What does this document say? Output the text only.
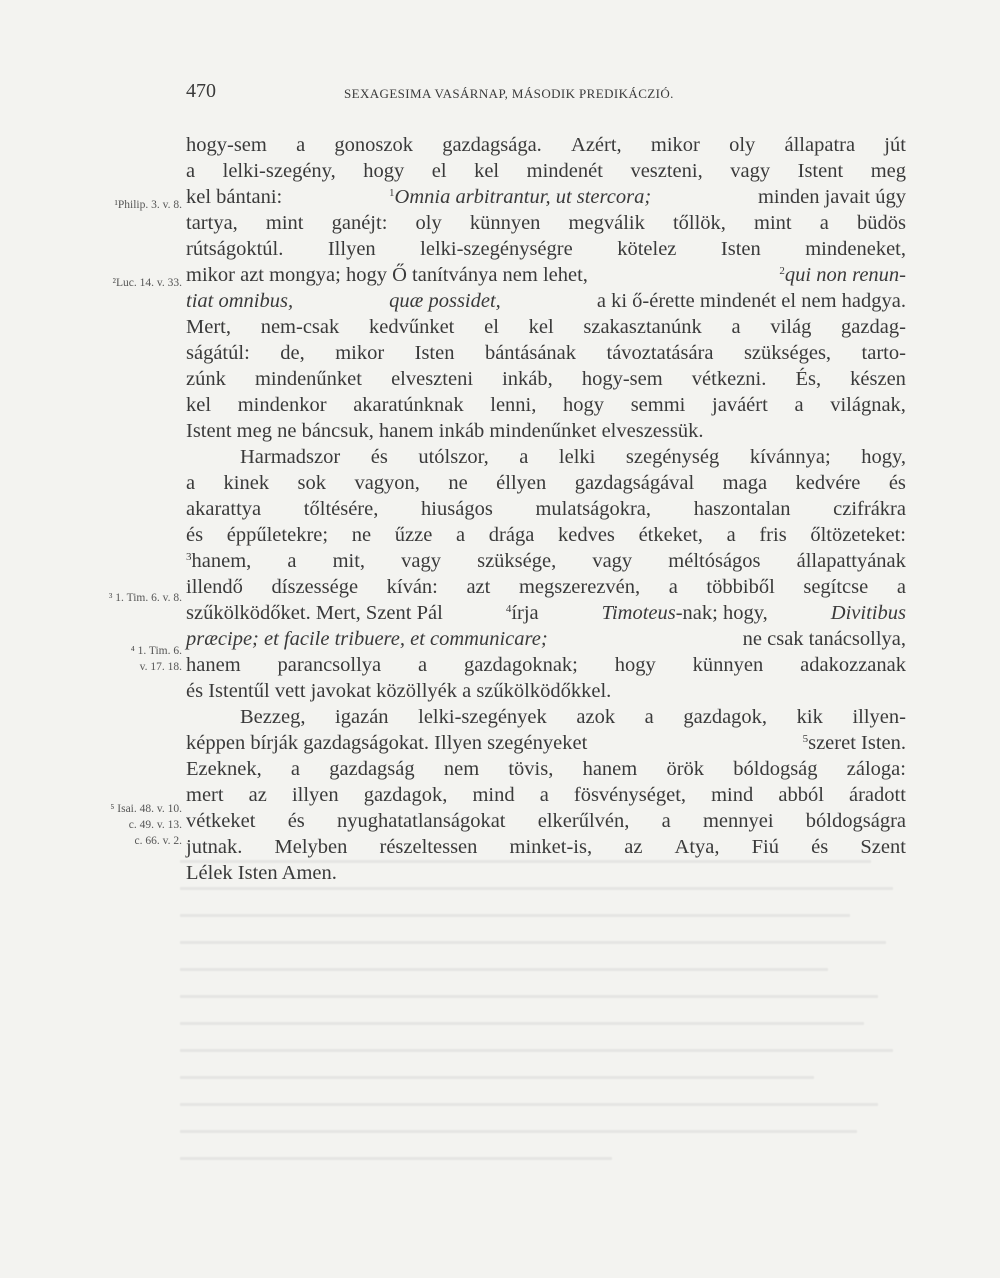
470	SEXAGESIMA VASÁRNAP, MÁSODIK PREDIKÁCZIÓ.
¹Philip. 3. v. 8.
²Luc. 14. v. 33.
³ 1. Tim. 6. v. 8.
⁴ 1. Tim. 6.
v. 17. 18.
⁵ Isai. 48. v. 10.
c. 49. v. 13.
c. 66. v. 2.
hogy-sem a gonoszok gazdagsága. Azért, mikor oly állapatra jút
a lelki-szegény, hogy el kel mindenét veszteni, vagy Istent meg
kel bántani:	$^1$Omnia arbitrantur, ut stercora;	minden javait úgy
tartya, mint ganéjt: oly künnyen megválik tőllök, mint a büdös
rútságoktúl. Illyen lelki-szegénységre kötelez Isten mindeneket,
mikor azt mongya; hogy Ő tanítványa nem lehet,	$^2$qui non renun-
tiat omnibus,	quæ possidet,	a ki ő-érette mindenét el nem hadgya.
Mert, nem-csak kedvűnket el kel szakasztanúnk a világ gazdag-
ságátúl: de, mikor Isten bántásának távoztatására szükséges, tarto-
zúnk mindenűnket elveszteni inkáb, hogy-sem vétkezni. És, készen
kel mindenkor akaratúnknak lenni, hogy semmi javáért a világnak,
Istent meg ne báncsuk, hanem inkáb mindenűnket elveszessük.
Harmadszor és utólszor, a lelki szegénység kívánnya; hogy,
a kinek sok vagyon, ne éllyen gazdagságával maga kedvére és
akarattya tőltésére, hiuságos mulatságokra, haszontalan czifrákra
és éppűletekre; ne űzze a drága kedves étkeket, a fris őltözeteket:
$^3$hanem, a mit, vagy szüksége, vagy méltóságos állapattyának
illendő díszessége kíván: azt megszerezvén, a többiből segítcse a
szűkölködőket. Mert, Szent Pál	$^4$írja	Timoteus-nak; hogy,	Divitibus
præcipe; et facile tribuere, et communicare;	ne csak tanácsollya,
hanem parancsollya a gazdagoknak; hogy künnyen adakozzanak
és Istentűl vett javokat közöllyék a szűkölködőkkel.
Bezzeg, igazán lelki-szegények azok a gazdagok, kik illyen-
képpen bírják gazdagságokat. Illyen szegényeket	$^5$szeret Isten.
Ezeknek, a gazdagság nem tövis, hanem örök bóldogság záloga:
mert az illyen gazdagok, mind a fösvénységet, mind abból áradott
vétkeket és nyughatatlanságokat elkerűlvén, a mennyei bóldogságra
jutnak. Melyben részeltessen minket-is, az Atya, Fiú és Szent
Lélek Isten Amen.
